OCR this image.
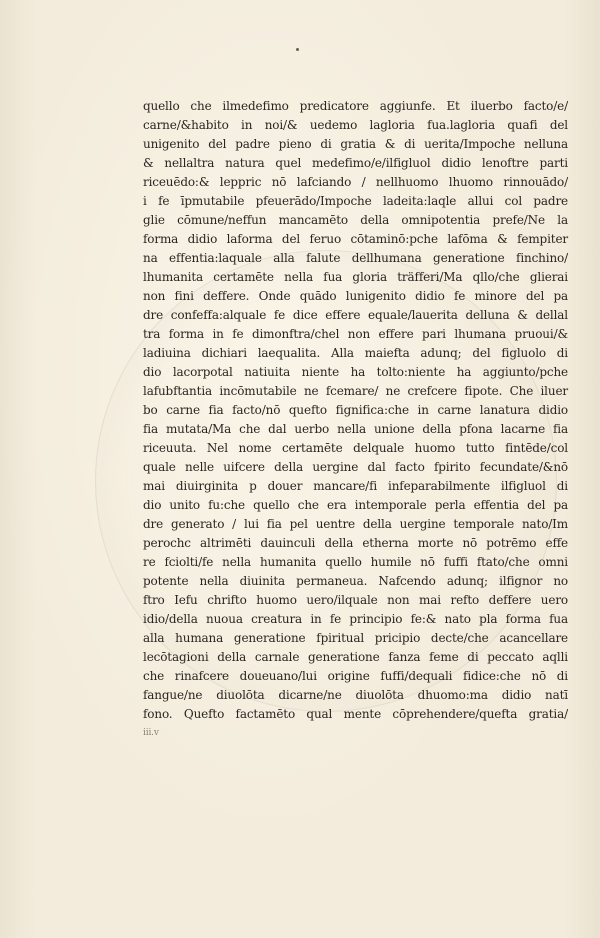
quello che ilmedefimo predicatore aggiunfe. Et iluerbo facto/e/
carne/&habito in noi/& uedemo lagloria fua.lagloria quafi del
unigenito del padre pieno di gratia & di uerita/Impoche nelluna
& nellaltra natura quel medefimo/e/ilfigluol didio lenoftre parti
riceuēdo:& leppric nō lafciando / nellhuomo lhuomo rinnouādo/
i fe īpmutabile pfeuerādo/Impoche ladeita:laqle allui col padre
glie cōmune/neffun mancamēto della omnipotentia prefe/Ne la
forma didio laforma del feruo cōtaminō:pche lafōma & fempiter
na effentia:laquale alla falute dellhumana generatione finchino/
lhumanita certamēte nella fua gloria träfferi/Ma qllo/che glierai
non fini deffere. Onde quādo lunigenito didio fe minore del pa
dre confeffa:alquale fe dice effere equale/lauerita delluna & dellal
tra forma in fe dimonftra/chel non effere pari lhumana pruoui/&
ladiuina dichiari laequalita. Alla maiefta adunq; del figluolo di
dio lacorpotal natiuita niente ha tolto:niente ha aggiunto/pche
lafubftantia incōmutabile ne fcemare/ ne crefcere fipote. Che iluer
bo carne fia facto/nō quefto fignifica:che in carne lanatura didio
fia mutata/Ma che dal uerbo nella unione della pfona lacarne fia
riceuuta. Nel nome certamēte delquale huomo tutto fintēde/col
quale nelle uifcere della uergine dal facto fpirito fecundate/&nō
mai diuirginita p douer mancare/fi infeparabilmente ilfigluol di
dio unito fu:che quello che era intemporale perla effentia del pa
dre generato / lui fia pel uentre della uergine temporale nato/Im
perochc altrimēti dauinculi della etherna morte nō potrēmo effe
re fciolti/fe nella humanita quello humile nō fuffi ftato/che omni
potente nella diuinita permaneua. Nafcendo adunq; ilfignor no
ftro Iefu chrifto huomo uero/ilquale non mai refto deffere uero
idio/della nuoua creatura in fe principio fe:& nato pla forma fua
alla humana generatione fpiritual pricipio decte/che acancellare
lecōtagioni della carnale generatione fanza feme di peccato aqlli
che rinafcere doueuano/lui origine fuffi/dequali fidice:che nō di
fangue/ne diuolōta dicarne/ne diuolōta dhuomo:ma didio natī
fono. Quefto factamēto qual mente cōprehendere/quefta gratia/
iii.v
